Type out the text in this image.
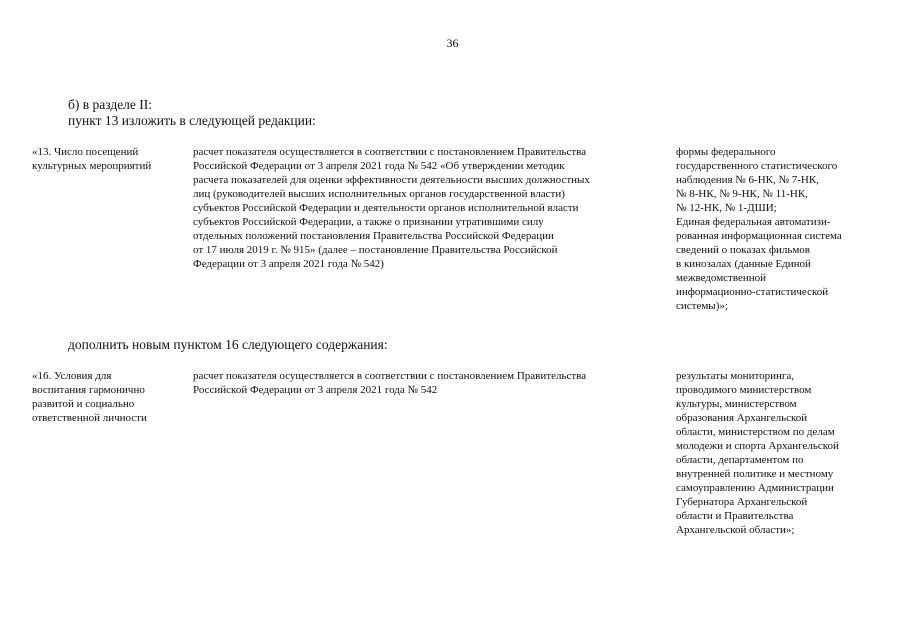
36
б) в разделе II:
пункт 13 изложить в следующей редакции:
«13. Число посещений
культурных мероприятий
расчет показателя осуществляется в соответствии с постановлением Правительства
Российской Федерации от 3 апреля 2021 года № 542 «Об утверждении методик
расчета показателей для оценки эффективности деятельности высших должностных
лиц (руководителей высших исполнительных органов государственной власти)
субъектов Российской Федерации и деятельности органов исполнительной власти
субъектов Российской Федерации, а также о признании утратившими силу
отдельных положений постановления Правительства Российской Федерации
от 17 июля 2019 г. № 915» (далее – постановление Правительства Российской
Федерации от 3 апреля 2021 года № 542)
формы федерального
государственного статистического
наблюдения № 6-НК, № 7-НК,
№ 8-НК, № 9-НК, № 11-НК,
№ 12-НК, № 1-ДШИ;
Единая федеральная автоматизи-
рованная информационная система
сведений о показах фильмов
в кинозалах (данные Единой
межведомственной
информационно-статистической
системы)»;
дополнить новым пунктом 16 следующего содержания:
«16. Условия для
воспитания гармонично
развитой и социально
ответственной личности
расчет показателя осуществляется в соответствии с постановлением Правительства
Российской Федерации от 3 апреля 2021 года № 542
результаты мониторинга,
проводимого министерством
культуры, министерством
образования Архангельской
области, министерством по делам
молодежи и спорта Архангельской
области, департаментом по
внутренней политике и местному
самоуправлению Администрации
Губернатора Архангельской
области и Правительства
Архангельской области»;
